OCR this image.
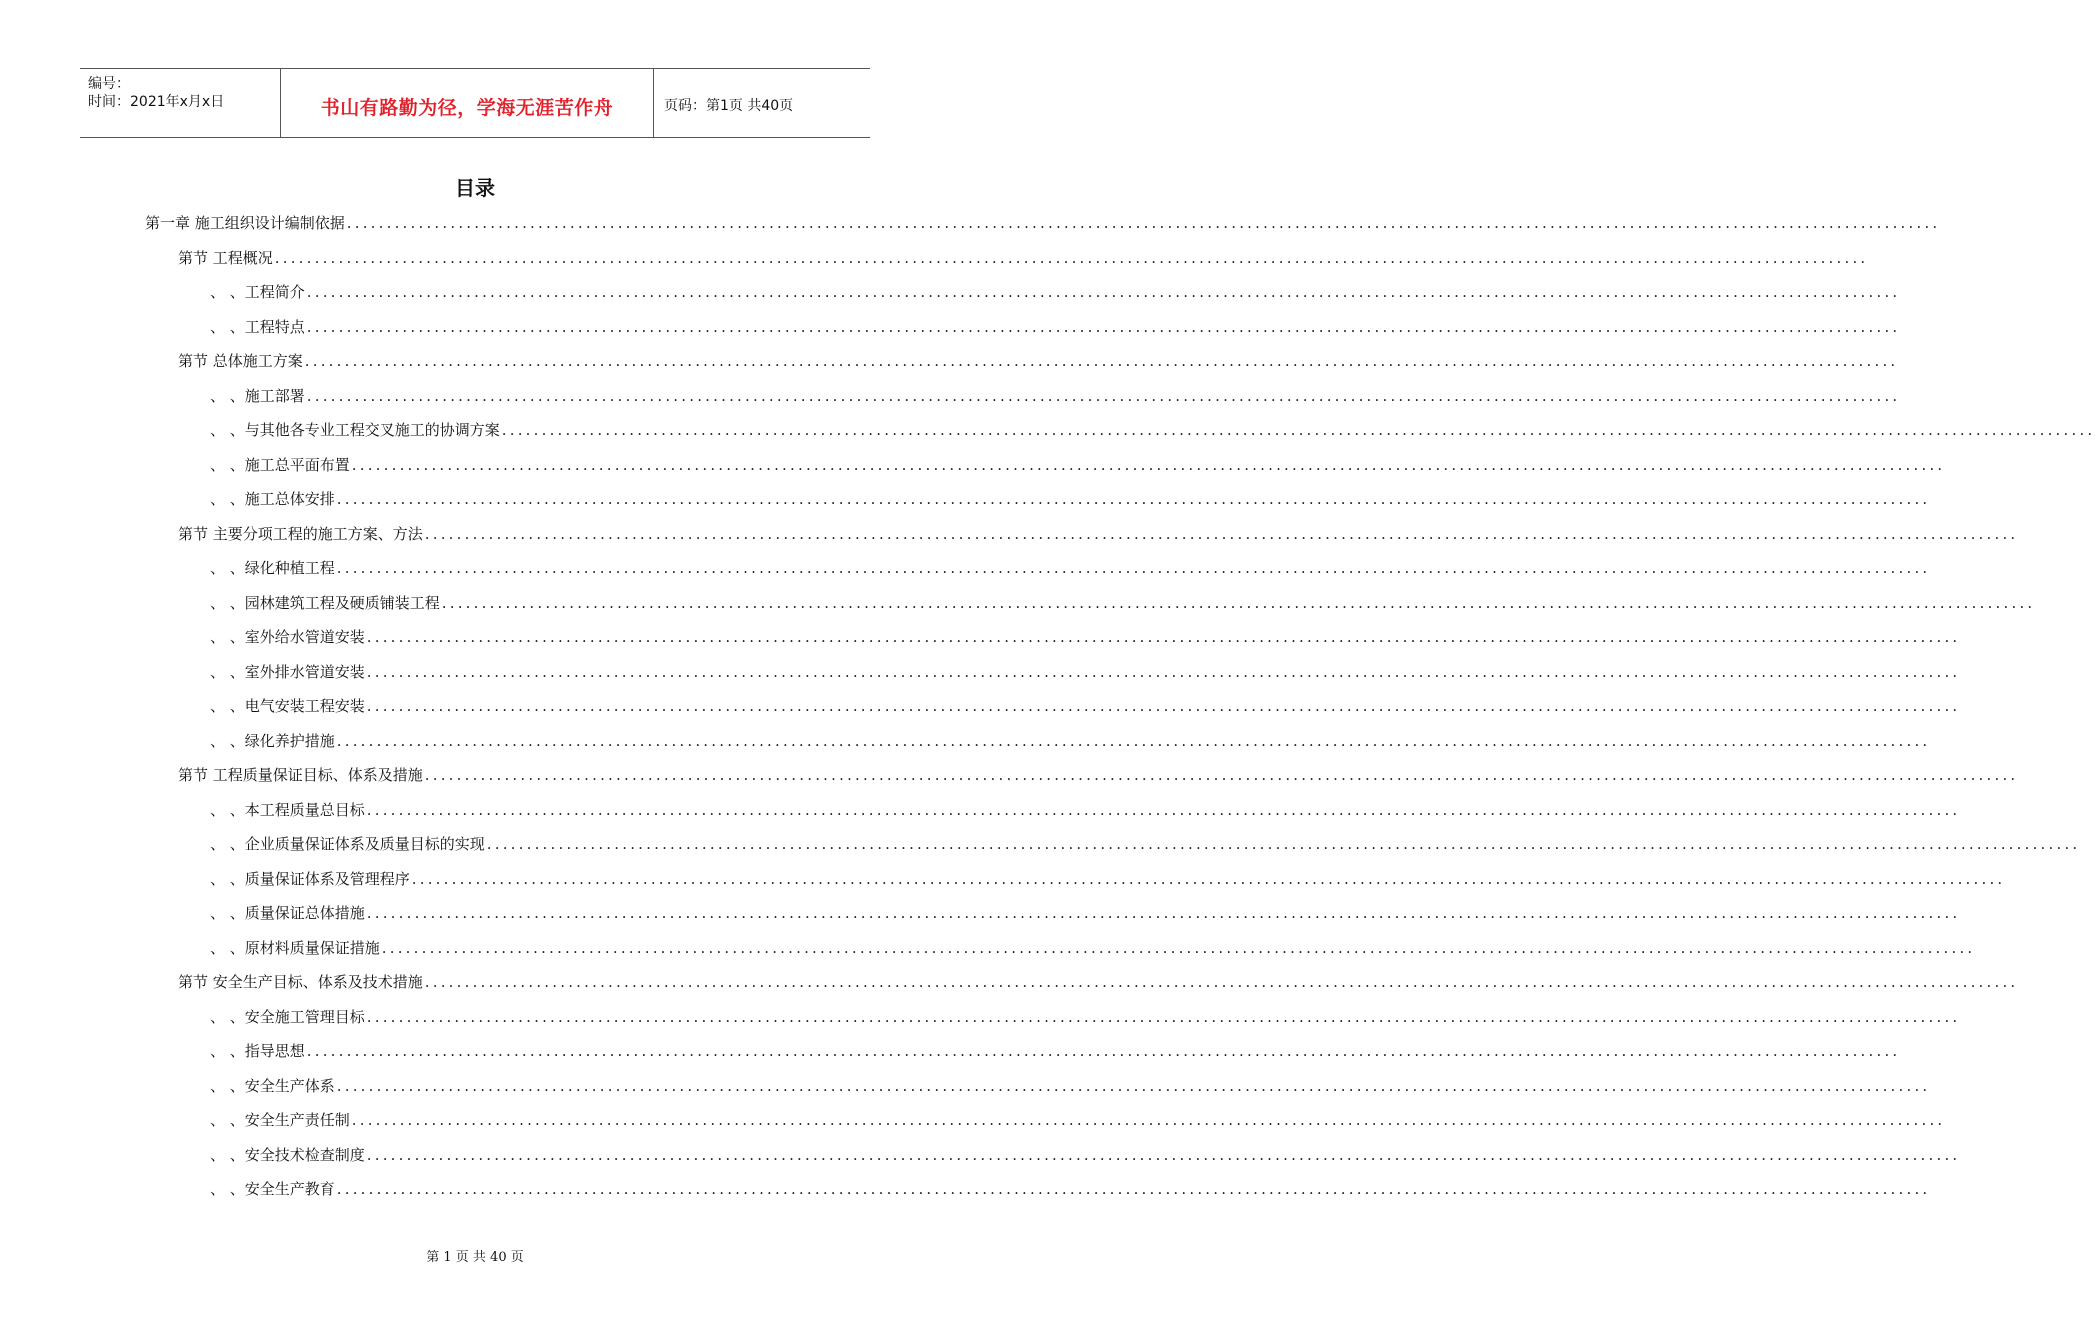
编号：
时间：2021年x月x日	书山有路勤为径，学海无涯苦作舟	页码：第1页 共40页
目录
第一章 施工组织设计编制依据 ........................................................................................................................................................................................................
第节 工程概况 ........................................................................................................................................................................................................
、 、工程简介 ........................................................................................................................................................................................................
、 、工程特点 ........................................................................................................................................................................................................
第节 总体施工方案 ........................................................................................................................................................................................................
、 、施工部署 ........................................................................................................................................................................................................
、 、与其他各专业工程交叉施工的协调方案 ........................................................................................................................................................................................................
、 、施工总平面布置 ........................................................................................................................................................................................................
、 、施工总体安排 ........................................................................................................................................................................................................
第节 主要分项工程的施工方案、方法 ........................................................................................................................................................................................................
、 、绿化种植工程 ........................................................................................................................................................................................................
、 、园林建筑工程及硬质铺装工程 ........................................................................................................................................................................................................
、 、室外给水管道安装 ........................................................................................................................................................................................................
、 、室外排水管道安装 ........................................................................................................................................................................................................
、 、电气安装工程安装 ........................................................................................................................................................................................................
、 、绿化养护措施 ........................................................................................................................................................................................................
第节 工程质量保证目标、体系及措施 ........................................................................................................................................................................................................
、 、本工程质量总目标 ........................................................................................................................................................................................................
、 、企业质量保证体系及质量目标的实现 ........................................................................................................................................................................................................
、 、质量保证体系及管理程序 ........................................................................................................................................................................................................
、 、质量保证总体措施 ........................................................................................................................................................................................................
、 、原材料质量保证措施 ........................................................................................................................................................................................................
第节 安全生产目标、体系及技术措施 ........................................................................................................................................................................................................
、 、安全施工管理目标 ........................................................................................................................................................................................................
、 、指导思想 ........................................................................................................................................................................................................
、 、安全生产体系 ........................................................................................................................................................................................................
、 、安全生产责任制 ........................................................................................................................................................................................................
、 、安全技术检查制度 ........................................................................................................................................................................................................
、 、安全生产教育 ........................................................................................................................................................................................................
第 1 页 共 40 页
